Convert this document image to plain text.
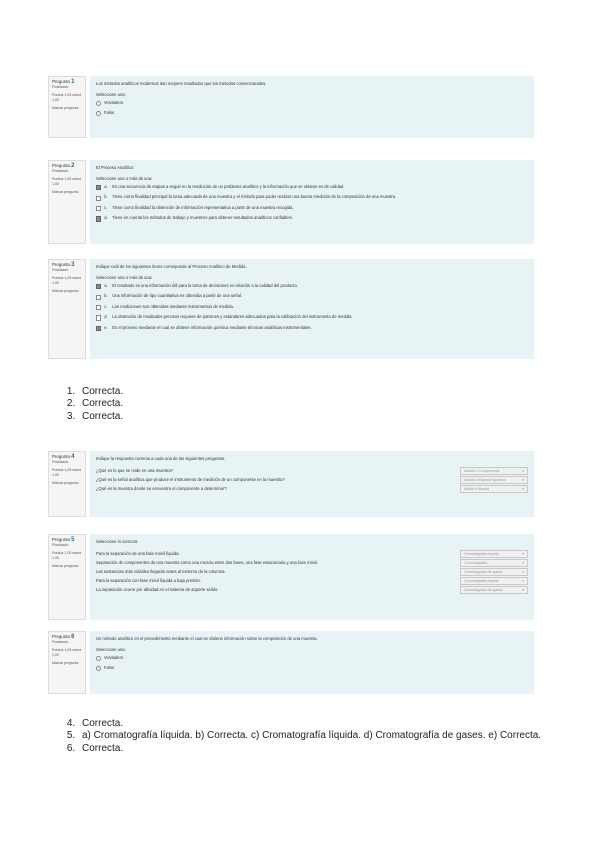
Pregunta 1
Finalizado
Puntúa 1,00 sobre 1,00
Marcar pregunta
Los métodos analíticos modernos dan mejores resultados que los métodos convencionales.
Seleccione una:
Verdadero
Falso
Pregunta 2
Finalizado
Puntúa 1,00 sobre 1,00
Marcar pregunta
El Proceso Analítico:
Seleccione una o más de una:
a.	Es una secuencia de etapas a seguir en la resolución de un problema analítico y la información que se obtiene es de calidad.
b.	Tiene como finalidad principal la toma adecuada de una muestra y el método para poder realizar una buena medición de la composición de una muestra.
c.	Tiene como finalidad la obtención de información representativa a partir de una muestra recogida.
d.	Tiene en cuenta los métodos de trabajo y muestreo para obtener resultados analíticos confiables.
Pregunta 3
Finalizado
Puntúa 1,00 sobre 1,00
Marcar pregunta
Indique cuál de los siguientes ítems corresponde al Proceso Analítico de Medida.
Seleccione una o más de una:
a.	El resultado es una información útil para la toma de decisiones en relación a la calidad del producto.
b.	Una información de tipo cuantitativa es obtenida a partir de una señal.
c.	Las mediciones son obtenidas mediante instrumentos de medida.
d.	La obtención de resultados precisos requiere de patrones y estándares adecuados para la calibración del instrumento de medida.
e.	Es el proceso mediante el cual se obtiene información química mediante técnicas analíticas instrumentales.
1. Correcta.
2. Correcta.
3. Correcta.
Pregunta 4
Finalizado
Puntúa 1,00 sobre 1,00
Marcar pregunta
Indique la respuesta correcta a cada una de las siguientes preguntas.
¿Qué es lo que se mide en una muestra?	Analito o Componente	▾
¿Qué es la señal analítica que produce el instrumento de medición de un componente en la muestra?	Analito o Especie química	▾
¿Qué es la muestra donde se encuentra el componente a determinar?	Matriz o Mezcla	▾
Pregunta 5
Finalizado
Puntúa 1,00 sobre 1,00
Marcar pregunta
Seleccione lo correcto:
Para la separación de una fase móvil líquida.	Cromatografía líquida	▾
Separación de componentes de una muestra como una mezcla entre dos fases, una fase estacionaria y una fase móvil.	Cromatografía	▾
Las sustancias más volátiles llegarán antes al extremo de la columna.	Cromatografía de gases	▾
Para la separación con fase móvil líquida a baja presión.	Cromatografía líquida	▾
La separación ocurre por afinidad en el sistema de soporte sólido.	Cromatografía de gases	▾
Pregunta 6
Finalizado
Puntúa 1,00 sobre 1,00
Marcar pregunta
Un método analítico es el procedimiento mediante el cual se obtiene información sobre la composición de una muestra.
Seleccione una:
Verdadero
Falso
4. Correcta.
5. a) Cromatografía líquida. b) Correcta. c) Cromatografía líquida. d) Cromatografía de gases. e) Correcta.
6. Correcta.
